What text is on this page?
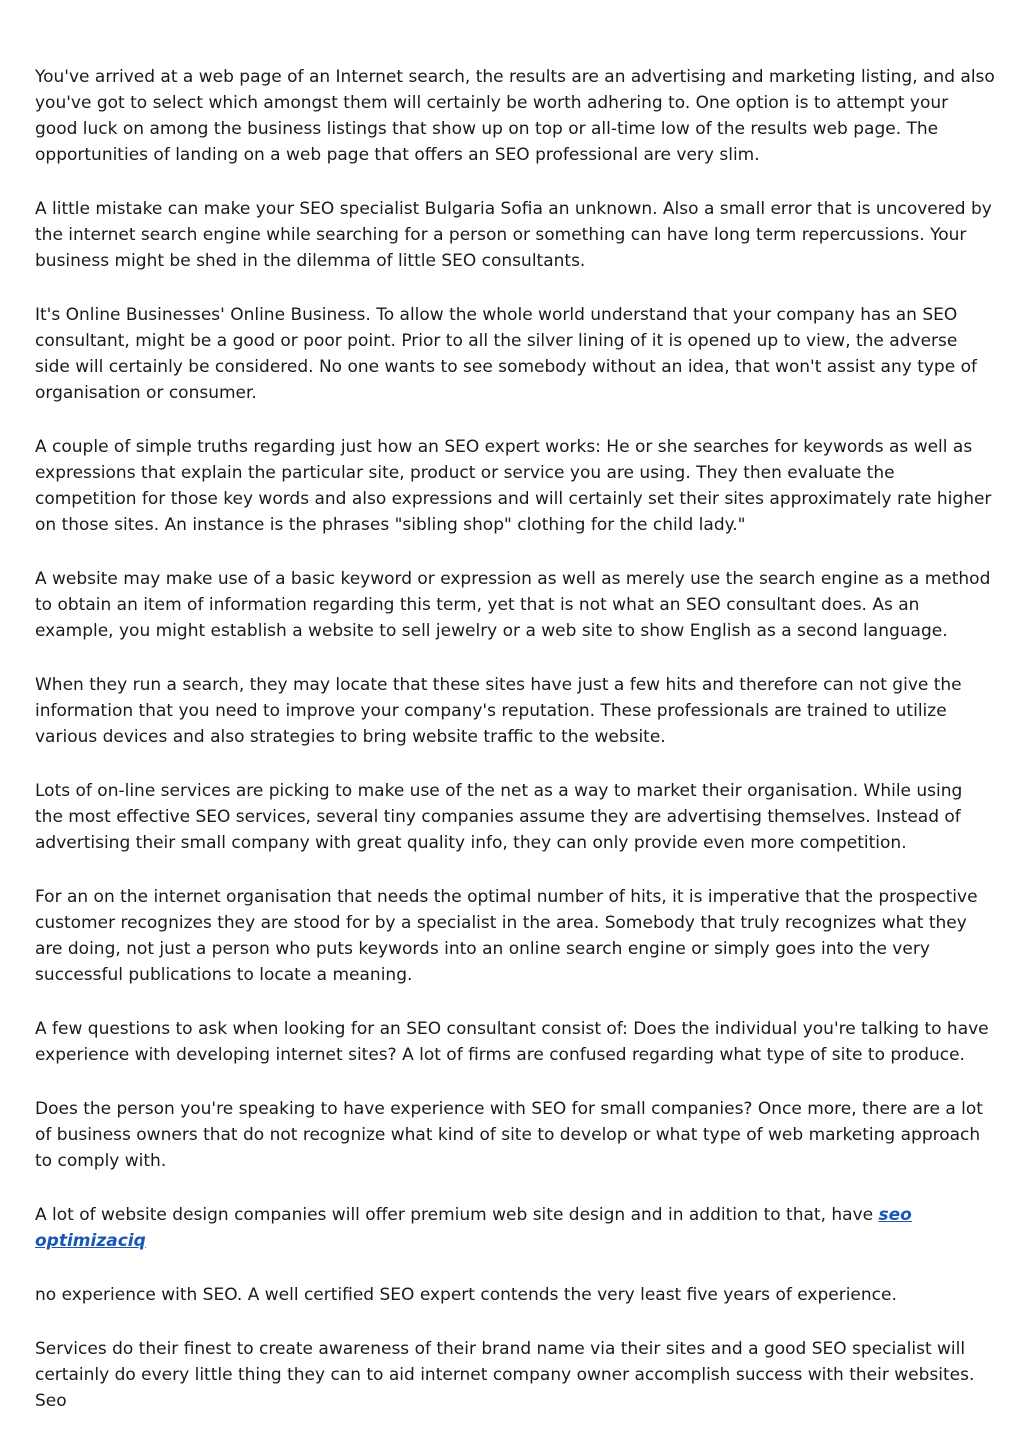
You've arrived at a web page of an Internet search, the results are an advertising and marketing listing, and also you've got to select which amongst them will certainly be worth adhering to. One option is to attempt your good luck on among the business listings that show up on top or all-time low of the results web page. The opportunities of landing on a web page that offers an SEO professional are very slim.

A little mistake can make your SEO specialist Bulgaria Sofia an unknown. Also a small error that is uncovered by the internet search engine while searching for a person or something can have long term repercussions. Your business might be shed in the dilemma of little SEO consultants.

It's Online Businesses' Online Business. To allow the whole world understand that your company has an SEO consultant, might be a good or poor point. Prior to all the silver lining of it is opened up to view, the adverse side will certainly be considered. No one wants to see somebody without an idea, that won't assist any type of organisation or consumer.

A couple of simple truths regarding just how an SEO expert works: He or she searches for keywords as well as expressions that explain the particular site, product or service you are using. They then evaluate the competition for those key words and also expressions and will certainly set their sites approximately rate higher on those sites. An instance is the phrases "sibling shop" clothing for the child lady."

A website may make use of a basic keyword or expression as well as merely use the search engine as a method to obtain an item of information regarding this term, yet that is not what an SEO consultant does. As an example, you might establish a website to sell jewelry or a web site to show English as a second language.

When they run a search, they may locate that these sites have just a few hits and therefore can not give the information that you need to improve your company's reputation. These professionals are trained to utilize various devices and also strategies to bring website traffic to the website.

Lots of on-line services are picking to make use of the net as a way to market their organisation. While using the most effective SEO services, several tiny companies assume they are advertising themselves. Instead of advertising their small company with great quality info, they can only provide even more competition.

For an on the internet organisation that needs the optimal number of hits, it is imperative that the prospective customer recognizes they are stood for by a specialist in the area. Somebody that truly recognizes what they are doing, not just a person who puts keywords into an online search engine or simply goes into the very successful publications to locate a meaning.

A few questions to ask when looking for an SEO consultant consist of: Does the individual you're talking to have experience with developing internet sites? A lot of firms are confused regarding what type of site to produce.

Does the person you're speaking to have experience with SEO for small companies? Once more, there are a lot of business owners that do not recognize what kind of site to develop or what type of web marketing approach to comply with.

A lot of website design companies will offer premium web site design and in addition to that, have seo optimizaciq

no experience with SEO. A well certified SEO expert contends the very least five years of experience.

Services do their finest to create awareness of their brand name via their sites and a good SEO specialist will certainly do every little thing they can to aid internet company owner accomplish success with their websites. Seo
